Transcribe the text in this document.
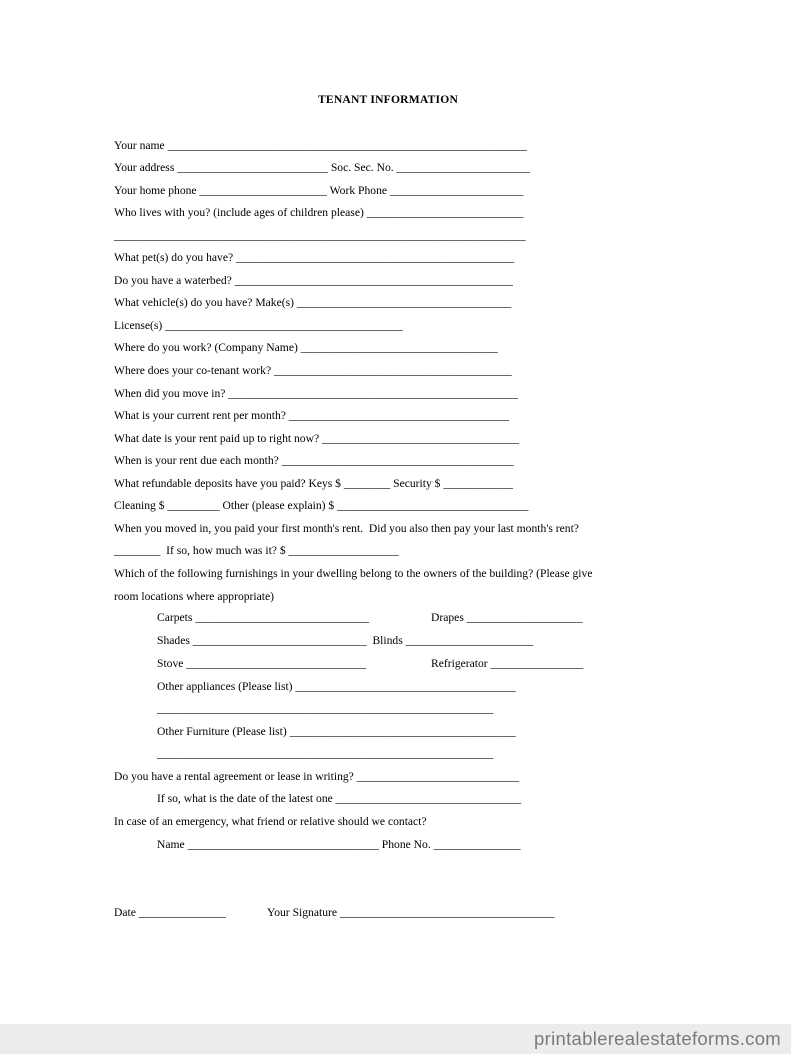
TENANT INFORMATION

Your name ______________________________________________________________

Your address __________________________ Soc. Sec. No. _______________________

Your home phone ______________________ Work Phone _______________________

Who lives with you? (include ages of children please) ___________________________

_______________________________________________________________________

What pet(s) do you have? ________________________________________________

Do you have a waterbed? ________________________________________________

What vehicle(s) do you have? Make(s) _____________________________________

License(s) _________________________________________

Where do you work? (Company Name) __________________________________

Where does your co-tenant work? _________________________________________

When did you move in? __________________________________________________

What is your current rent per month? ______________________________________

What date is your rent paid up to right now? __________________________________

When is your rent due each month? ________________________________________

What refundable deposits have you paid? Keys $ ________ Security $ ____________

Cleaning $ _________ Other (please explain) $ _________________________________

When you moved in, you paid your first month's rent.  Did you also then pay your last month's rent?

________  If so, how much was it? $ ___________________

Which of the following furnishings in your dwelling belong to the owners of the building? (Please give

room locations where appropriate)

Carpets ______________________________	Drapes ____________________

Shades ______________________________  Blinds ______________________

Stove _______________________________	Refrigerator ________________

Other appliances (Please list) ______________________________________

__________________________________________________________

Other Furniture (Please list) _______________________________________

__________________________________________________________

Do you have a rental agreement or lease in writing? ____________________________

If so, what is the date of the latest one ________________________________

In case of an emergency, what friend or relative should we contact?

Name _________________________________ Phone No. _______________

Date _______________	Your Signature _____________________________________

printablerealestateforms.com
